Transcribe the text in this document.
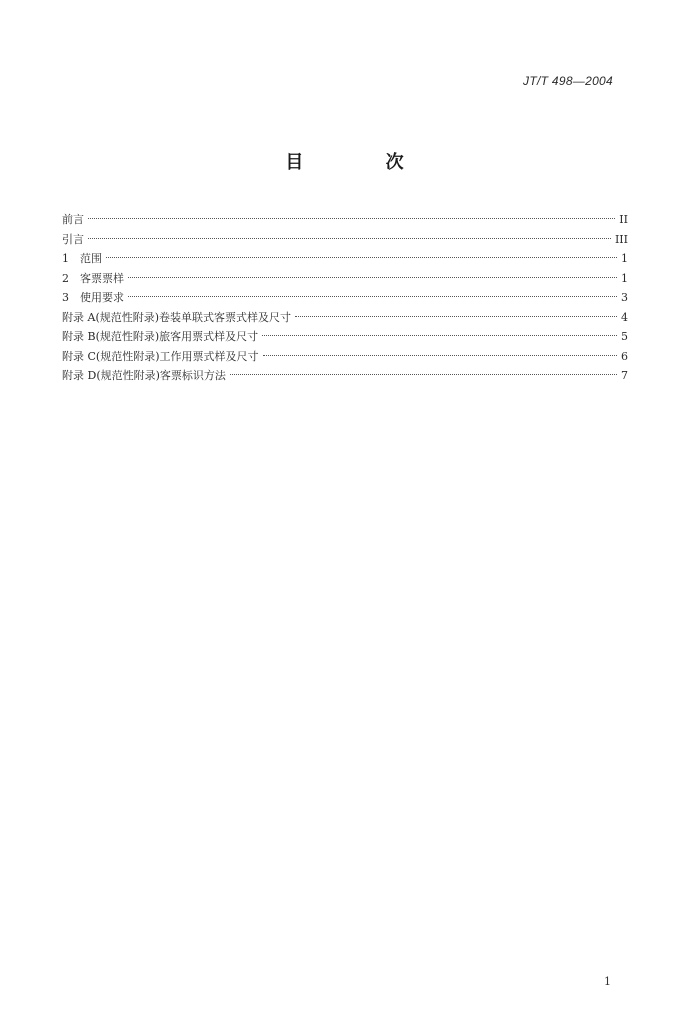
JT/T 498—2004
目 次
前言	II
引言	III
1　范围	1
2　客票票样	1
3　使用要求	3
附录 A(规范性附录)卷装单联式客票式样及尺寸	4
附录 B(规范性附录)旅客用票式样及尺寸	5
附录 C(规范性附录)工作用票式样及尺寸	6
附录 D(规范性附录)客票标识方法	7
1
